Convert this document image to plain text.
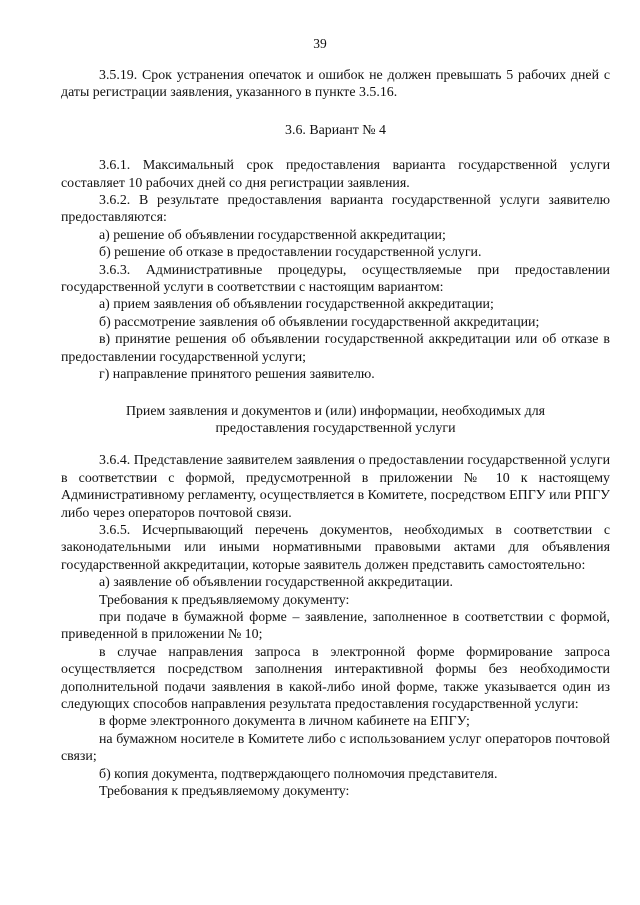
39

3.5.19. Срок устранения опечаток и ошибок не должен превышать 5 рабочих дней с даты регистрации заявления, указанного в пункте 3.5.16.

3.6. Вариант № 4

3.6.1. Максимальный срок предоставления варианта государственной услуги составляет 10 рабочих дней со дня регистрации заявления.

3.6.2. В результате предоставления варианта государственной услуги заявителю предоставляются:

а) решение об объявлении государственной аккредитации;

б) решение об отказе в предоставлении государственной услуги.

3.6.3. Административные процедуры, осуществляемые при предоставлении государственной услуги в соответствии с настоящим вариантом:

а) прием заявления об объявлении государственной аккредитации;

б) рассмотрение заявления об объявлении государственной аккредитации;

в) принятие решения об объявлении государственной аккредитации или об отказе в предоставлении государственной услуги;

г) направление принятого решения заявителю.

Прием заявления и документов и (или) информации, необходимых для

предоставления государственной услуги

3.6.4. Представление заявителем заявления о предоставлении государственной услуги в соответствии с формой, предусмотренной в приложении № 10 к настоящему Административному регламенту, осуществляется в Комитете, посредством ЕПГУ или РПГУ либо через операторов почтовой связи.

3.6.5. Исчерпывающий перечень документов, необходимых в соответствии с законодательными или иными нормативными правовыми актами для объявления государственной аккредитации, которые заявитель должен представить самостоятельно:

а) заявление об объявлении государственной аккредитации.

Требования к предъявляемому документу:

при подаче в бумажной форме – заявление, заполненное в соответствии с формой, приведенной в приложении № 10;

в случае направления запроса в электронной форме формирование запроса осуществляется посредством заполнения интерактивной формы без необходимости дополнительной подачи заявления в какой-либо иной форме, также указывается один из следующих способов направления результата предоставления государственной услуги:

в форме электронного документа в личном кабинете на ЕПГУ;

на бумажном носителе в Комитете либо с использованием услуг операторов почтовой связи;

б) копия документа, подтверждающего полномочия представителя.

Требования к предъявляемому документу:
